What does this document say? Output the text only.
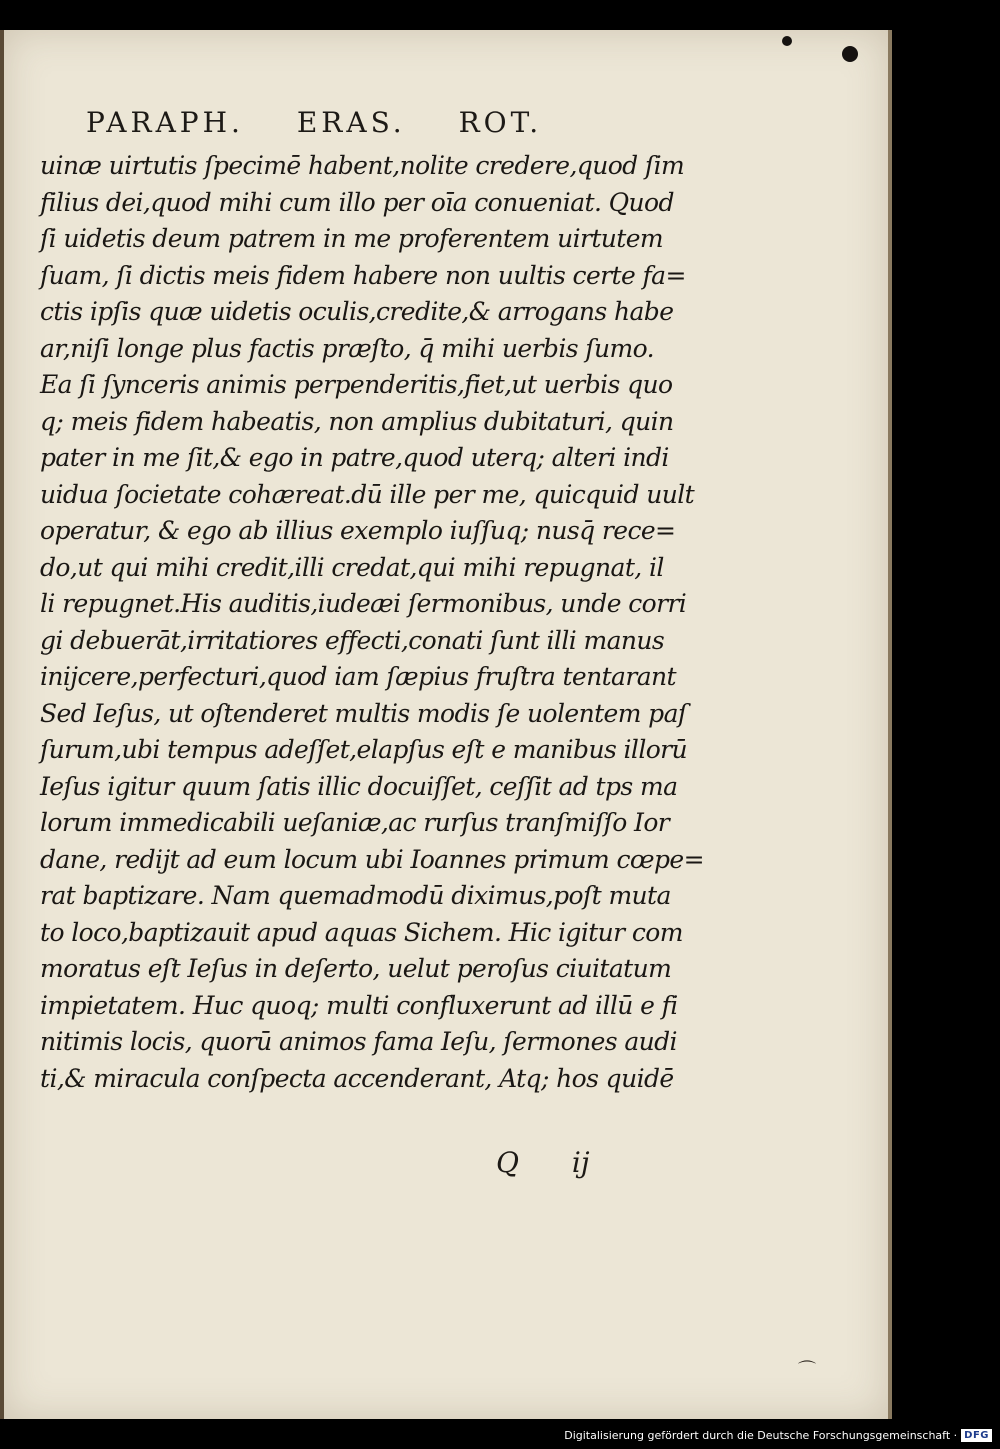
PARAPH. ERAS. ROT.
uinæ uirtutis ſpecimē habent,nolite credere,quod ſim
filius dei,quod mihi cum illo per oīa conueniat. Quod
ſi uidetis deum patrem in me proferentem uirtutem
ſuam, ſi dictis meis fidem habere non uultis certe fa=
ctis ipſis quæ uidetis oculis,credite,& arrogans habe
ar,niſi longe plus factis præſto, q̄ mihi uerbis ſumo.
Ea ſi ſynceris animis perpenderitis,fiet,ut uerbis quo
q; meis fidem habeatis, non amplius dubitaturi, quin
pater in me ſit,& ego in patre,quod uterq; alteri indi
uidua ſocietate cohæreat.dū ille per me, quicquid uult
operatur, & ego ab illius exemplo iuſſuq; nusq̄ rece=
do,ut qui mihi credit,illi credat,qui mihi repugnat, il
li repugnet.His auditis,iudeæi ſermonibus, unde corri
gi debuerāt,irritatiores effecti,conati ſunt illi manus
inijcere,perfecturi,quod iam ſæpius fruſtra tentarant
Sed Ieſus, ut oſtenderet multis modis ſe uolentem paſ
ſurum,ubi tempus adeſſet,elapſus eſt e manibus illorū
Ieſus igitur quum ſatis illic docuiſſet, ceſſit ad tps ma
lorum immedicabili ueſaniæ,ac rurſus tranſmiſſo Ior
dane, redijt ad eum locum ubi Ioannes primum cœpe=
rat baptizare. Nam quemadmodū diximus,poſt muta
to loco,baptizauit apud aquas Sichem. Hic igitur com
moratus eſt Ieſus in deſerto, uelut peroſus ciuitatum
impietatem. Huc quoq; multi confluxerunt ad illū e fi
nitimis locis, quorū animos fama Ieſu, ſermones audi
ti,& miracula conſpecta accenderant, Atq; hos quidē
Q ij
⌒
Digitalisierung gefördert durch die Deutsche Forschungsgemeinschaft · DFG
